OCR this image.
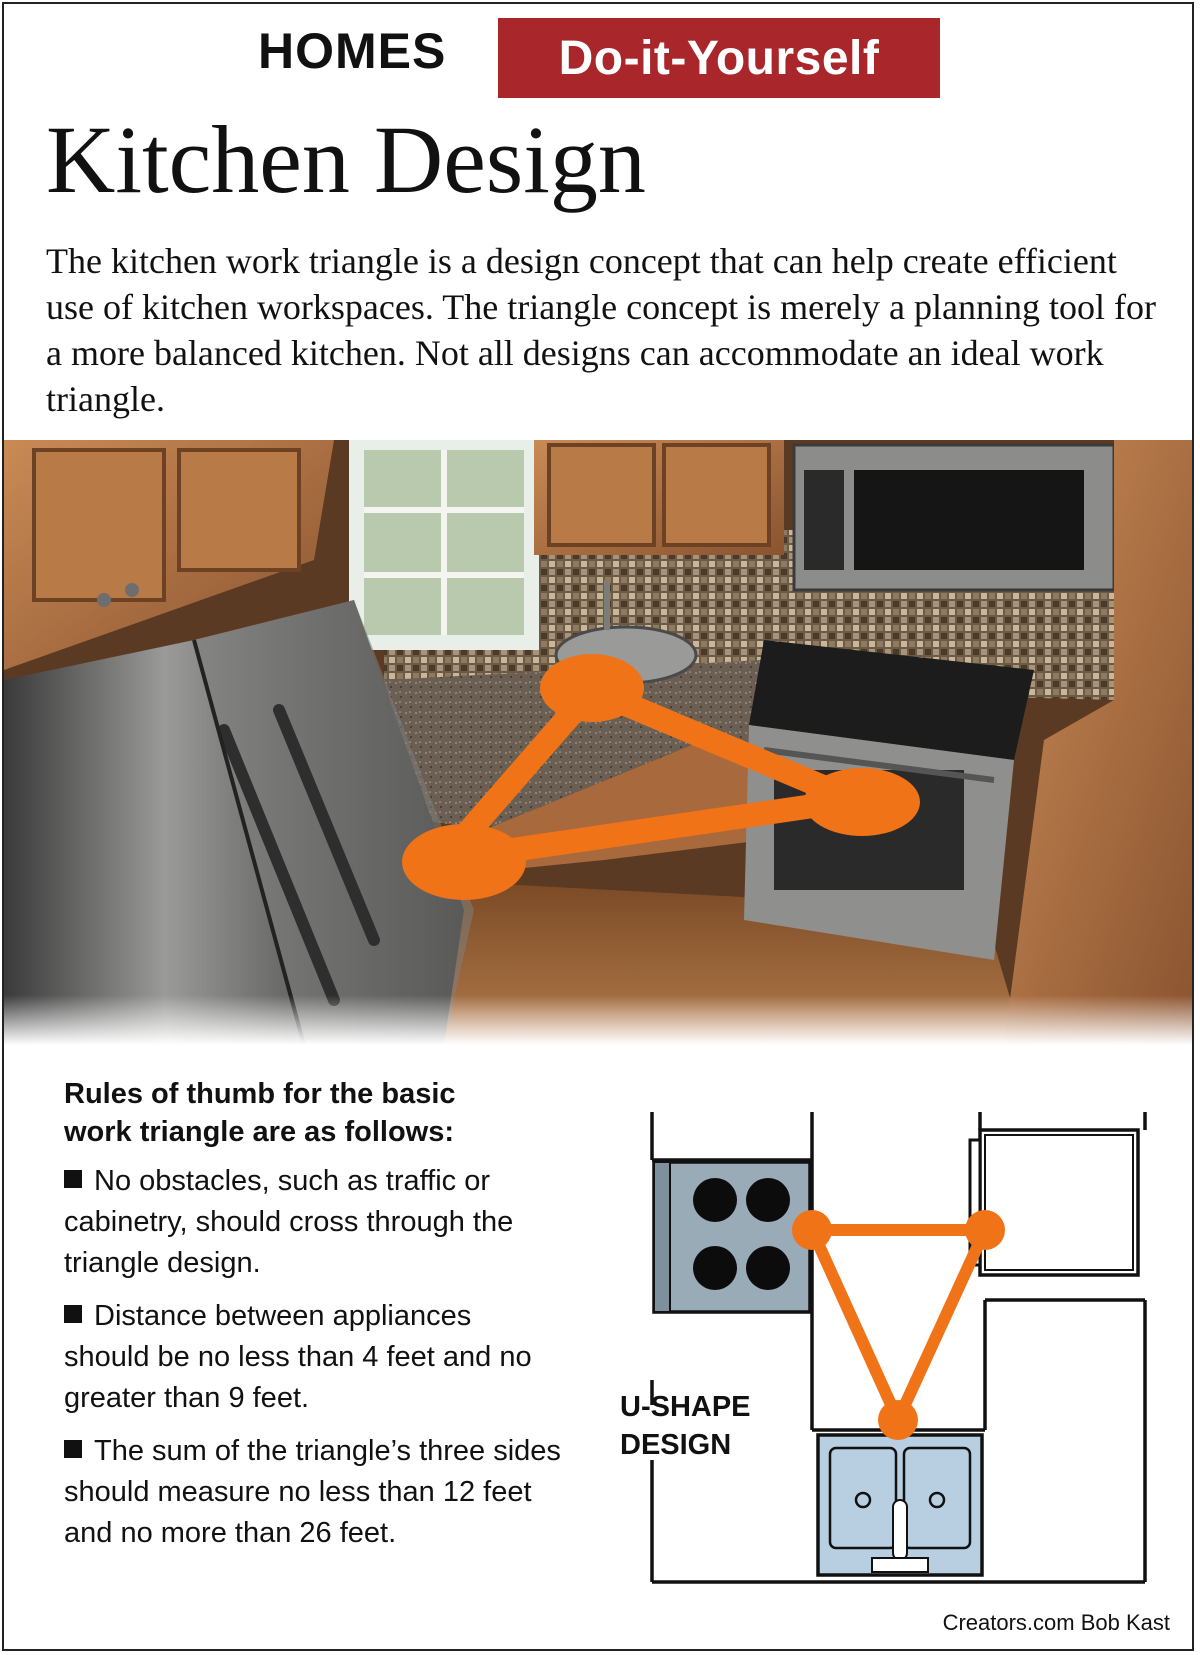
HOMES	Do-it-Yourself
Kitchen Design
The kitchen work triangle is a design concept that can help create efficient use of kitchen workspaces. The triangle concept is merely a planning tool for a more balanced kitchen. Not all designs can accommodate an ideal work triangle.
Rules of thumb for the basic
work triangle are as follows:
No obstacles, such as traffic or cabinetry, should cross through the triangle design.
Distance between appliances should be no less than 4 feet and no greater than 9 feet.
The sum of the triangle’s three sides should measure no less than 12 feet and no more than 26 feet.
U-SHAPE
DESIGN
Creators.com Bob Kast
